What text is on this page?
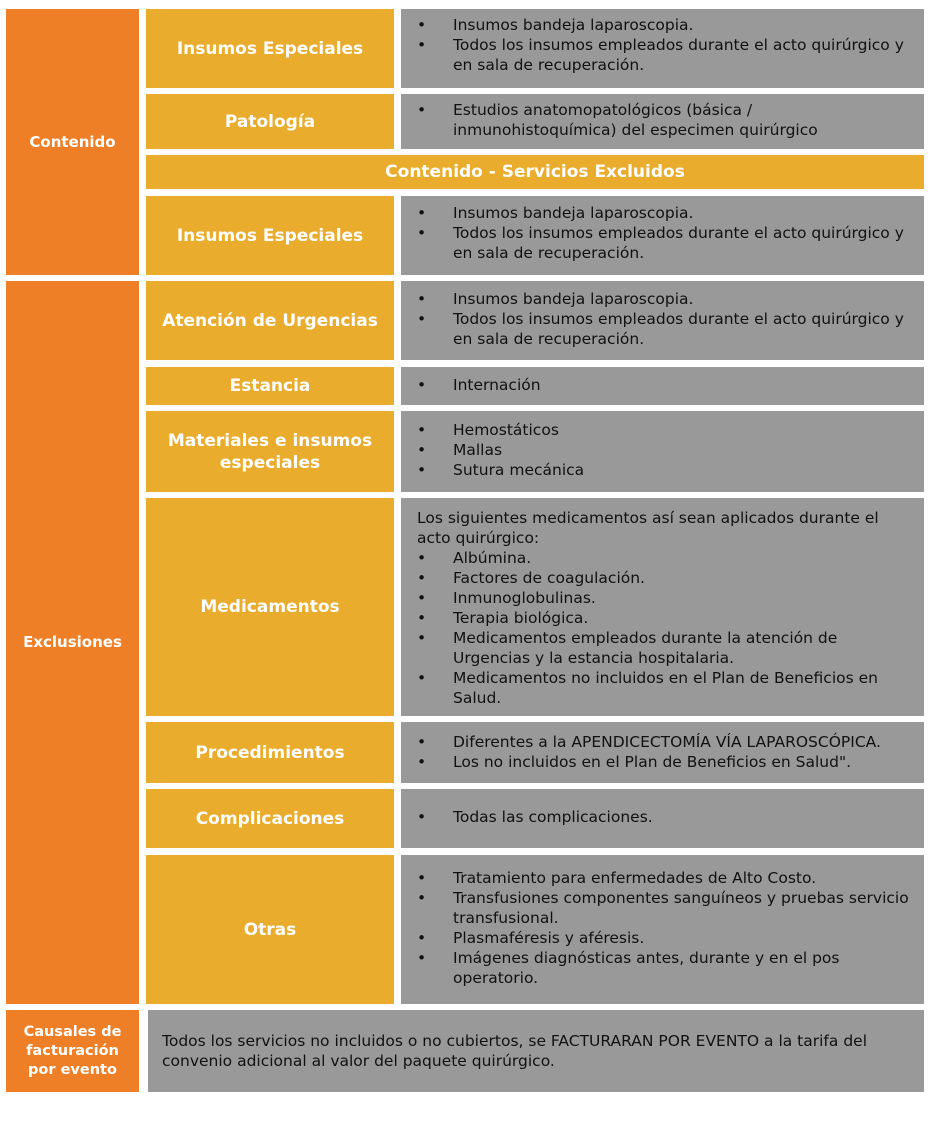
Contenido
Insumos Especiales
• Insumos bandeja laparoscopia.
• Todos los insumos empleados durante el acto quirúrgico y en sala de recuperación.
Patología
• Estudios anatomopatológicos (básica / inmunohistoquímica) del especimen quirúrgico
Contenido - Servicios Excluidos
Insumos Especiales
• Insumos bandeja laparoscopia.
• Todos los insumos empleados durante el acto quirúrgico y en sala de recuperación.
Exclusiones
Atención de Urgencias
• Insumos bandeja laparoscopia.
• Todos los insumos empleados durante el acto quirúrgico y en sala de recuperación.
Estancia	• Internación
Materiales e insumos especiales
• Hemostáticos
• Mallas
• Sutura mecánica
Medicamentos
Los siguientes medicamentos así sean aplicados durante el acto quirúrgico:
• Albúmina.
• Factores de coagulación.
• Inmunoglobulinas.
• Terapia biológica.
• Medicamentos empleados durante la atención de Urgencias y la estancia hospitalaria.
• Medicamentos no incluidos en el Plan de Beneficios en Salud.
Procedimientos
• Diferentes a la APENDICECTOMÍA VÍA LAPAROSCÓPICA.
• Los no incluidos en el Plan de Beneficios en Salud".
Complicaciones	• Todas las complicaciones.
Otras
• Tratamiento para enfermedades de Alto Costo.
• Transfusiones componentes sanguíneos y pruebas servicio transfusional.
• Plasmaféresis y aféresis.
• Imágenes diagnósticas antes, durante y en el pos operatorio.
Causales de facturación por evento
Todos los servicios no incluidos o no cubiertos, se FACTURARAN POR EVENTO a la tarifa del convenio adicional al valor del paquete quirúrgico.
